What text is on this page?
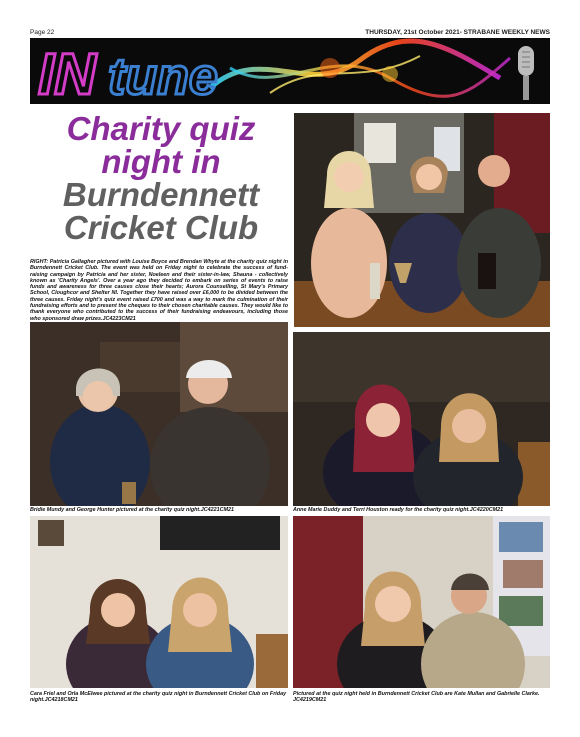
Page 22	THURSDAY, 21st October 2021- STRABANE WEEKLY NEWS
IN tune
Charity quiz
night in
Burndennett
Cricket Club

RIGHT: Patricia Gallagher pictured with Louise Boyce and Brendan Whyte at the charity quiz night in Burndennett Cricket Club. The event was held on Friday night to celebrate the success of fund-raising campaign by Patricia and her sister, Noeleen and their sister-in-law, Shauna - collectively known as 'Charity Angels'. Over a year ago they decided to embark on series of events to raise funds and awareness for three causes close their hearts; Aurora Counselling, St Mary's Primary School, Cloughcor and Shelter NI. Together they have raised over £6,000 to be divided between the three causes. Friday night's quiz event raised £700 and was a way to mark the culmination of their fundraising efforts and to present the cheques to their chosen charitable causes. They would like to thank everyone who contributed to the success of their fundraising endeavours, including those who sponsored draw prizes.JC4223CM21

Bridie Mundy and George Hunter pictured at the charity quiz night.JC4221CM21	Anne Marie Duddy and Terri Houston ready for the charity quiz night.JC4220CM21
Cara Friel and Orla McElwee pictured at the charity quiz night in Burndennett Cricket Club on Friday night.JC4218CM21
Pictured at the quiz night held in Burndennett Cricket Club are Kate Mullan and Gabrielle Clarke. JC4219CM21
